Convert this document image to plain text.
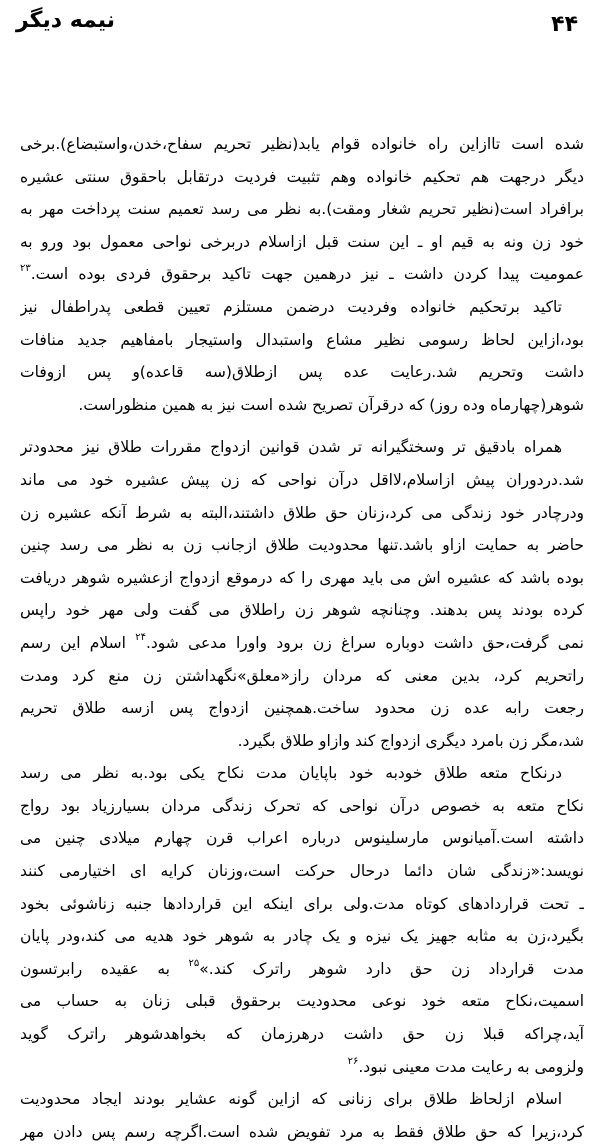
نیمه دیگر	۴۴
شده است تاازاین راه خانواده قوام یابد(نظیر تحریم سفاح،خدن،واستبضاع).برخی
دیگر درجهت هم تحکیم خانواده وهم تثبیت فردیت درتقابل باحقوق سنتی عشیره
برافراد است(نظیر تحریم شغار ومقت).به نظر می رسد تعمیم سنت پرداخت مهر به
خود زن ونه به قیم او ـ این سنت قبل ازاسلام دربرخی نواحی معمول بود ورو به
عمومیت پیدا کردن داشت ـ نیز درهمین جهت تاکید برحقوق فردی بوده است.$^{۲۳}$
تاکید برتحکیم خانواده وفردیت درضمن مستلزم تعیین قطعی پدراطفال نیز
بود،ازاین لحاظ رسومی نظیر مشاع واستبدال واستیجار بامفاهیم جدید منافات
داشت وتحریم شد.رعایت عده پس ازطلاق(سه قاعده)و پس ازوفات
شوهر(چهارماه وده روز) که درقرآن تصریح شده است نیز به همین منظوراست.
همراه بادقیق تر وسختگیرانه تر شدن قوانین ازدواج مقررات طلاق نیز محدودتر
شد.دردوران پیش ازاسلام،لااقل درآن نواحی که زن پیش عشیره خود می ماند
ودرچادر خود زندگی می کرد،زنان حق طلاق داشتند،البته به شرط آنکه عشیره زن
حاضر به حمایت ازاو باشد.تنها محدودیت طلاق ازجانب زن به نظر می رسد چنین
بوده باشد که عشیره اش می باید مهری را که درموقع ازدواج ازعشیره شوهر دریافت
کرده بودند پس بدهند. وچنانچه شوهر زن راطلاق می گفت ولی مهر خود راپس
نمی گرفت،حق داشت دوباره سراغ زن برود واورا مدعی شود.$^{۲۴}$ اسلام این رسم
راتحریم کرد، بدین معنی که مردان راز«معلق»نگهداشتن زن منع کرد ومدت
رجعت رابه عده زن محدود ساخت.همچنین ازدواج پس ازسه طلاق تحریم
شد،مگر زن بامرد دیگری ازدواج کند وازاو طلاق بگیرد.
درنکاح متعه طلاق خودبه خود باپایان مدت نکاح یکی بود.به نظر می رسد
نکاح متعه به خصوص درآن نواحی که تحرک زندگی مردان بسیارزیاد بود رواج
داشته است.آمیانوس مارسلینوس درباره اعراب قرن چهارم میلادی چنین می
نویسد:«زندگی شان دائما درحال حرکت است،وزنان کرایه ای اختیارمی کنند
ـ تحت قراردادهای کوتاه مدت.ولی برای اینکه این قراردادها جنبه زناشوئی بخود
بگیرد،زن به مثابه جهیز یک نیزه و یک چادر به شوهر خود هدیه می کند،ودر پایان
مدت قرارداد زن حق دارد شوهر راترک کند.»$^{۲۵}$ به عقیده رابرتسون
اسمیت،نکاح متعه خود نوعی محدودیت برحقوق قبلی زنان به حساب می
آید،چراکه قبلا زن حق داشت درهرزمان که بخواهدشوهر راترک گوید
ولزومی به رعایت مدت معینی نبود.$^{۲۶}$
اسلام ازلحاظ طلاق برای زنانی که ازاین گونه عشایر بودند ایجاد محدودیت
کرد،زیرا که حق طلاق فقط به مرد تفویض شده است.اگرچه رسم پس دادن مهر
